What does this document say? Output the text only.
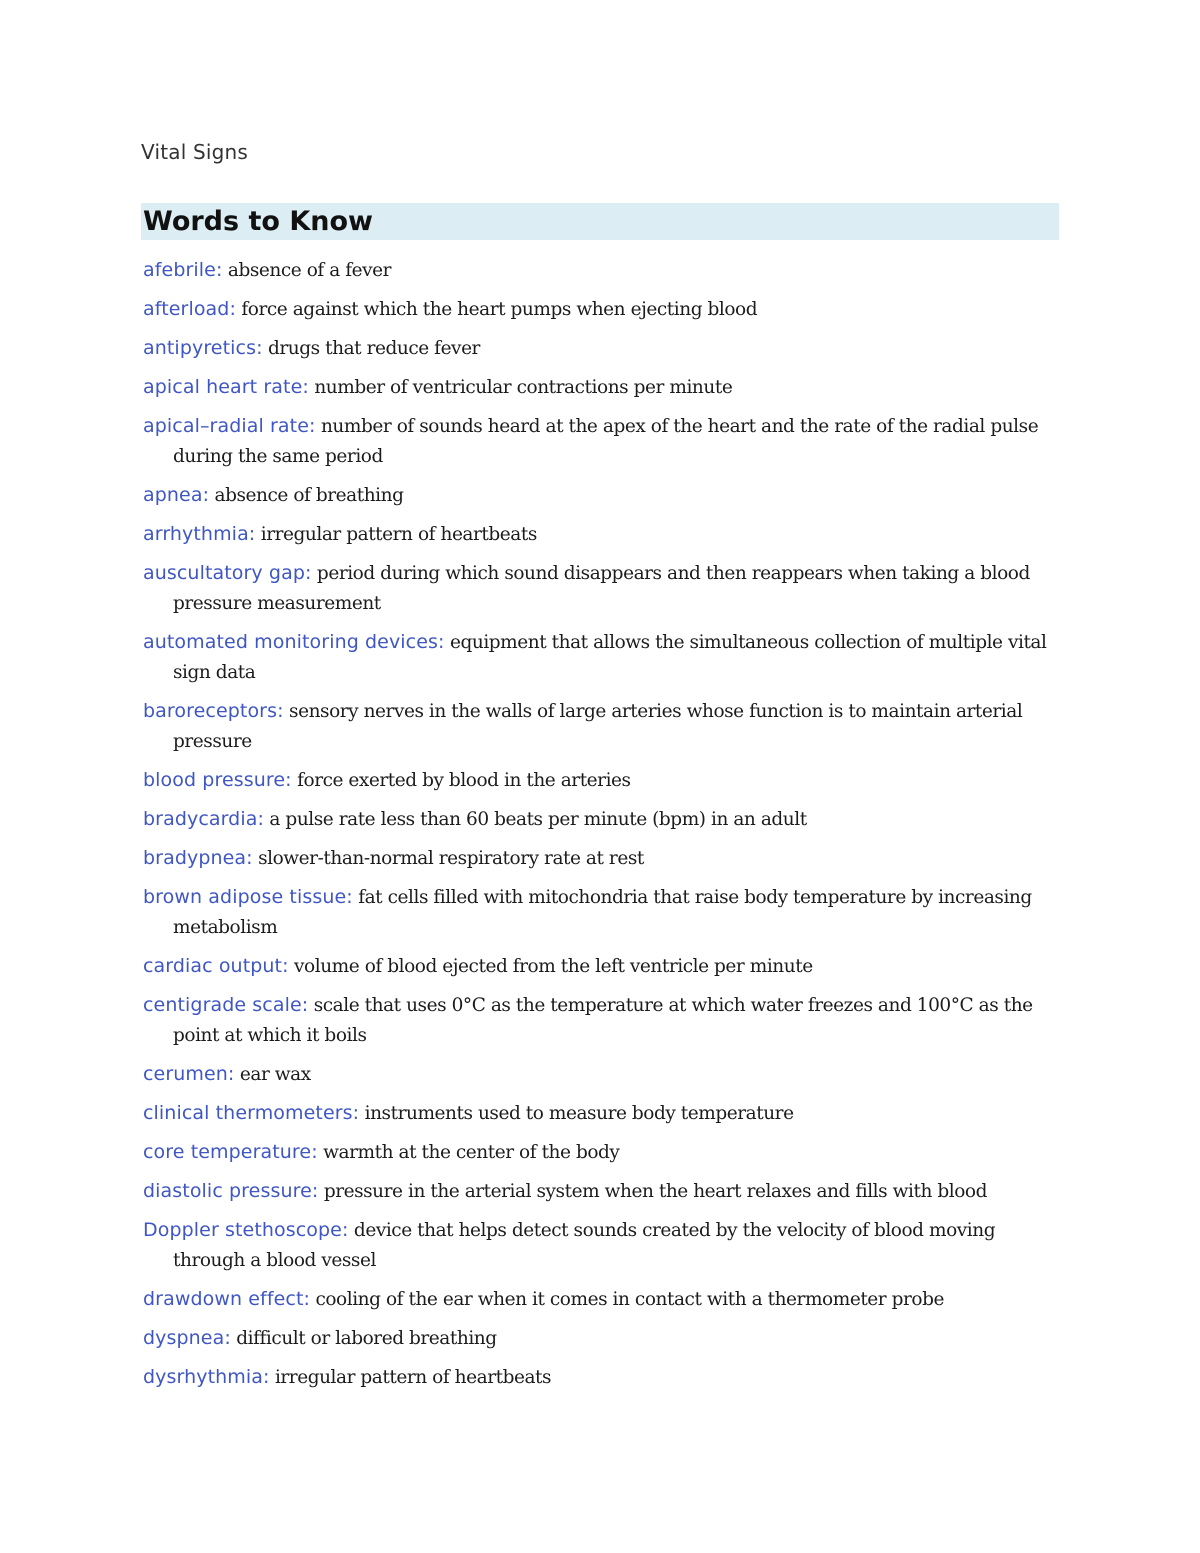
Vital Signs
Words to Know
afebrile: absence of a fever
afterload: force against which the heart pumps when ejecting blood
antipyretics: drugs that reduce fever
apical heart rate: number of ventricular contractions per minute
apical–radial rate: number of sounds heard at the apex of the heart and the rate of the radial pulse during the same period
apnea: absence of breathing
arrhythmia: irregular pattern of heartbeats
auscultatory gap: period during which sound disappears and then reappears when taking a blood pressure measurement
automated monitoring devices: equipment that allows the simultaneous collection of multiple vital sign data
baroreceptors: sensory nerves in the walls of large arteries whose function is to maintain arterial pressure
blood pressure: force exerted by blood in the arteries
bradycardia: a pulse rate less than 60 beats per minute (bpm) in an adult
bradypnea: slower-than-normal respiratory rate at rest
brown adipose tissue: fat cells filled with mitochondria that raise body temperature by increasing metabolism
cardiac output: volume of blood ejected from the left ventricle per minute
centigrade scale: scale that uses 0°C as the temperature at which water freezes and 100°C as the point at which it boils
cerumen: ear wax
clinical thermometers: instruments used to measure body temperature
core temperature: warmth at the center of the body
diastolic pressure: pressure in the arterial system when the heart relaxes and fills with blood
Doppler stethoscope: device that helps detect sounds created by the velocity of blood moving through a blood vessel
drawdown effect: cooling of the ear when it comes in contact with a thermometer probe
dyspnea: difficult or labored breathing
dysrhythmia: irregular pattern of heartbeats
